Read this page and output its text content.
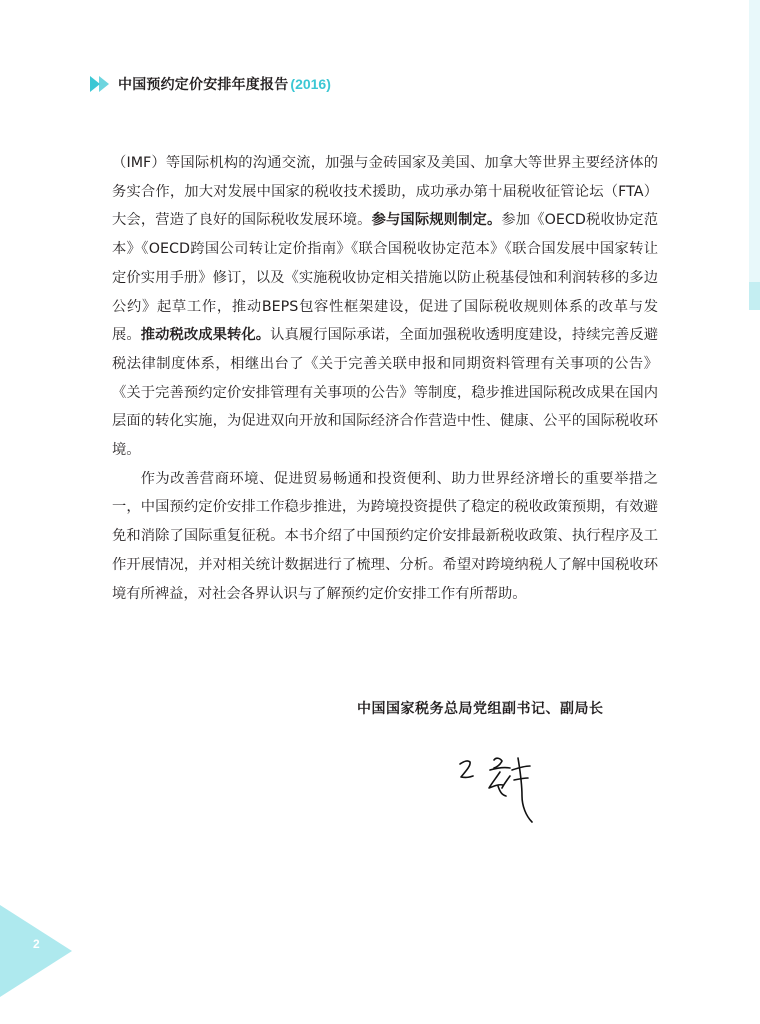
中国预约定价安排年度报告 (2016)

（IMF）等国际机构的沟通交流，加强与金砖国家及美国、加拿大等世界主要经济体的务实合作，加大对发展中国家的税收技术援助，成功承办第十届税收征管论坛（FTA）大会，营造了良好的国际税收发展环境。参与国际规则制定。参加《OECD税收协定范本》《OECD跨国公司转让定价指南》《联合国税收协定范本》《联合国发展中国家转让定价实用手册》修订，以及《实施税收协定相关措施以防止税基侵蚀和利润转移的多边公约》起草工作，推动BEPS包容性框架建设，促进了国际税收规则体系的改革与发展。推动税改成果转化。认真履行国际承诺，全面加强税收透明度建设，持续完善反避税法律制度体系，相继出台了《关于完善关联申报和同期资料管理有关事项的公告》《关于完善预约定价安排管理有关事项的公告》等制度，稳步推进国际税改成果在国内层面的转化实施，为促进双向开放和国际经济合作营造中性、健康、公平的国际税收环境。

作为改善营商环境、促进贸易畅通和投资便利、助力世界经济增长的重要举措之一，中国预约定价安排工作稳步推进，为跨境投资提供了稳定的税收政策预期，有效避免和消除了国际重复征税。本书介绍了中国预约定价安排最新税收政策、执行程序及工作开展情况，并对相关统计数据进行了梳理、分析。希望对跨境纳税人了解中国税收环境有所裨益，对社会各界认识与了解预约定价安排工作有所帮助。

中国国家税务总局党组副书记、副局长
2
